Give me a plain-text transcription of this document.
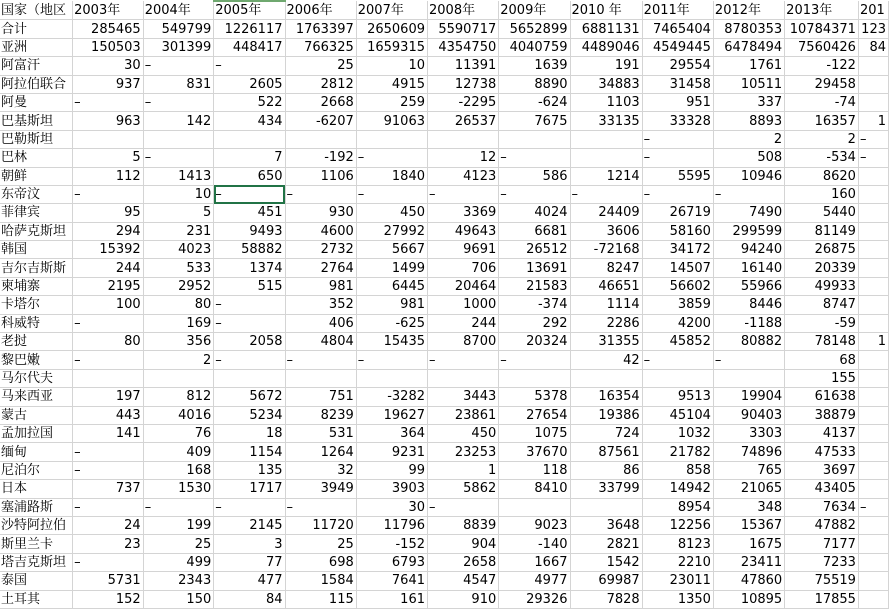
国家（地区	2003年	2004年	2005年	2006年	2007年	2008年	2009年	2010 年	2011年	2012年	2013年	201
合计	285465	549799	1226117	1763397	2650609	5590717	5652899	6881131	7465404	8780353	10784371	123
亚洲	150503	301399	448417	766325	1659315	4354750	4040759	4489046	4549445	6478494	7560426	84
阿富汗	30	–	–	25	10	11391	1639	191	29554	1761	-122	
阿拉伯联合	937	831	2605	2812	4915	12738	8890	34883	31458	10511	29458	
阿曼	–	–	522	2668	259	-2295	-624	1103	951	337	-74	
巴基斯坦	963	142	434	-6207	91063	26537	7675	33135	33328	8893	16357	1
巴勒斯坦									–	2	2	–
巴林	5	–	7	-192	–	12	–		–	508	-534	–
朝鲜	112	1413	650	1106	1840	4123	586	1214	5595	10946	8620	
东帝汶	–	10	–	–	–	–	–	–	–	–	160	
菲律宾	95	5	451	930	450	3369	4024	24409	26719	7490	5440	
哈萨克斯坦	294	231	9493	4600	27992	49643	6681	3606	58160	299599	81149	
韩国	15392	4023	58882	2732	5667	9691	26512	-72168	34172	94240	26875	
吉尔吉斯斯	244	533	1374	2764	1499	706	13691	8247	14507	16140	20339	
柬埔寨	2195	2952	515	981	6445	20464	21583	46651	56602	55966	49933	
卡塔尔	100	80	–	352	981	1000	-374	1114	3859	8446	8747	
科威特	–	169	–	406	-625	244	292	2286	4200	-1188	-59	
老挝	80	356	2058	4804	15435	8700	20324	31355	45852	80882	78148	1
黎巴嫩	–	2	–	–	–	–	–	42	–	–	68	
马尔代夫											155	
马来西亚	197	812	5672	751	-3282	3443	5378	16354	9513	19904	61638	
蒙古	443	4016	5234	8239	19627	23861	27654	19386	45104	90403	38879	
孟加拉国	141	76	18	531	364	450	1075	724	1032	3303	4137	
缅甸	–	409	1154	1264	9231	23253	37670	87561	21782	74896	47533	
尼泊尔	–	168	135	32	99	1	118	86	858	765	3697	
日本	737	1530	1717	3949	3903	5862	8410	33799	14942	21065	43405	
塞浦路斯	–	–	–	–	30	–			8954	348	7634	–
沙特阿拉伯	24	199	2145	11720	11796	8839	9023	3648	12256	15367	47882	
斯里兰卡	23	25	3	25	-152	904	-140	2821	8123	1675	7177	
塔吉克斯坦	–	499	77	698	6793	2658	1667	1542	2210	23411	7233	
泰国	5731	2343	477	1584	7641	4547	4977	69987	23011	47860	75519	
土耳其	152	150	84	115	161	910	29326	7828	1350	10895	17855	
